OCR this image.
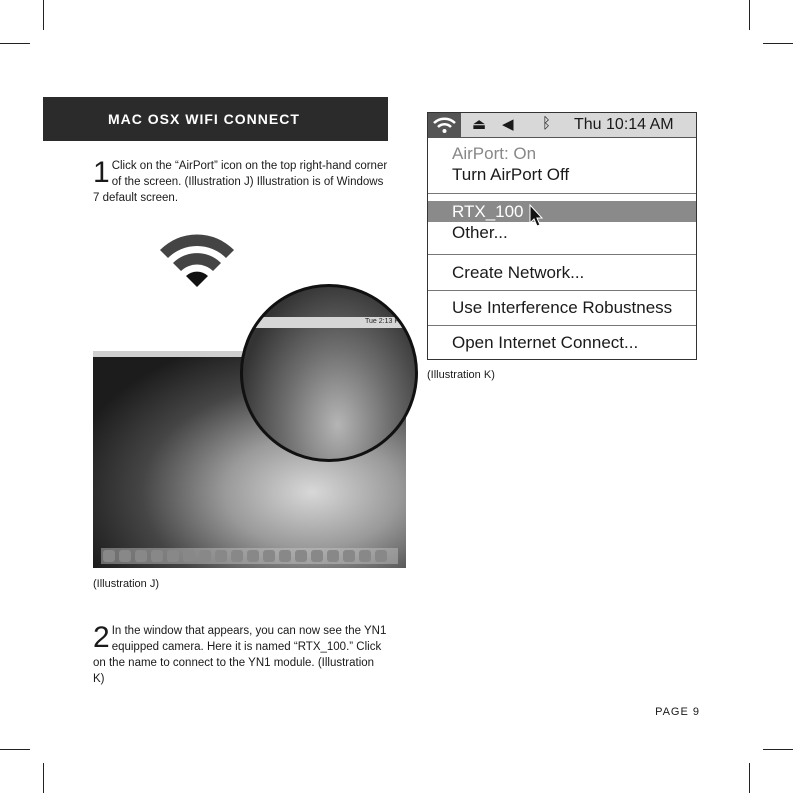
MAC OSX WIFI CONNECT
1 Click on the “AirPort” icon on the top right-hand corner of the screen. (Illustration J) Illustration is of Windows 7 default screen.
Tue 2:13 P
(Illustration J)
2 In the window that appears, you can now see the YN1 equipped camera. Here it is named “RTX_100.” Click on the name to connect to the YN1 module. (Illustration K)
⏏ ◀ ᛒ Thu 10:14 AM
AirPort: On
Turn AirPort Off
RTX_100
Other...
Create Network...
Use Interference Robustness
Open Internet Connect...
(Illustration K)
PAGE 9
